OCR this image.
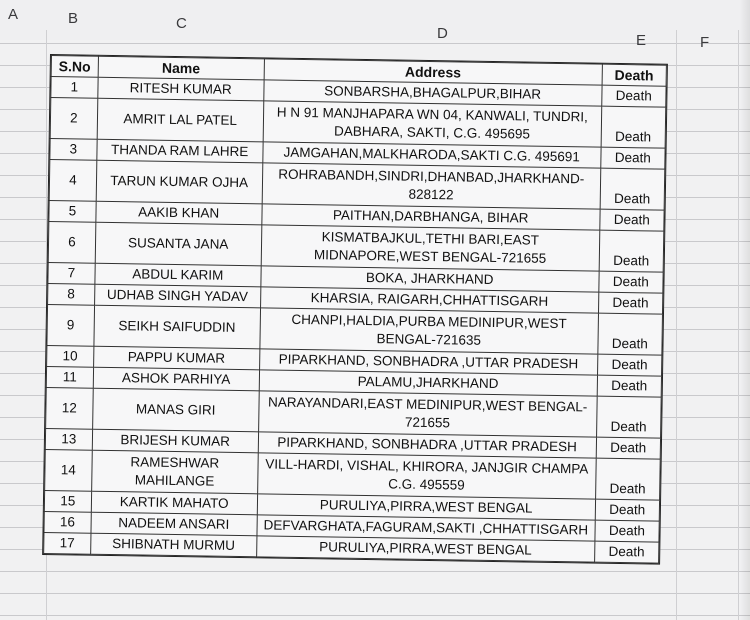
A	B	C
D	E	F
S.No	Name	Address	Death
1	RITESH KUMAR	SONBARSHA,BHAGALPUR,BIHAR	Death
2	AMRIT LAL PATEL	H N 91 MANJHAPARA WN 04, KANWALI, TUNDRI, DABHARA, SAKTI, C.G. 495695	Death
3	THANDA RAM LAHRE	JAMGAHAN,MALKHARODA,SAKTI C.G. 495691	Death
4	TARUN KUMAR OJHA	ROHRABANDH,SINDRI,DHANBAD,JHARKHAND-828122	Death
5	AAKIB KHAN	PAITHAN,DARBHANGA, BIHAR	Death
6	SUSANTA JANA	KISMATBAJKUL,TETHI BARI,EAST MIDNAPORE,WEST BENGAL-721655	Death
7	ABDUL KARIM	BOKA, JHARKHAND	Death
8	UDHAB SINGH YADAV	KHARSIA, RAIGARH,CHHATTISGARH	Death
9	SEIKH SAIFUDDIN	CHANPI,HALDIA,PURBA MEDINIPUR,WEST BENGAL-721635	Death
10	PAPPU KUMAR	PIPARKHAND, SONBHADRA ,UTTAR PRADESH	Death
11	ASHOK PARHIYA	PALAMU,JHARKHAND	Death
12	MANAS GIRI	NARAYANDARI,EAST MEDINIPUR,WEST BENGAL-721655	Death
13	BRIJESH KUMAR	PIPARKHAND, SONBHADRA ,UTTAR PRADESH	Death
14	RAMESHWAR MAHILANGE	VILL-HARDI, VISHAL, KHIRORA, JANJGIR CHAMPA C.G. 495559	Death
15	KARTIK MAHATO	PURULIYA,PIRRA,WEST BENGAL	Death
16	NADEEM ANSARI	DEFVARGHATA,FAGURAM,SAKTI ,CHHATTISGARH	Death
17	SHIBNATH MURMU	PURULIYA,PIRRA,WEST BENGAL	Death
